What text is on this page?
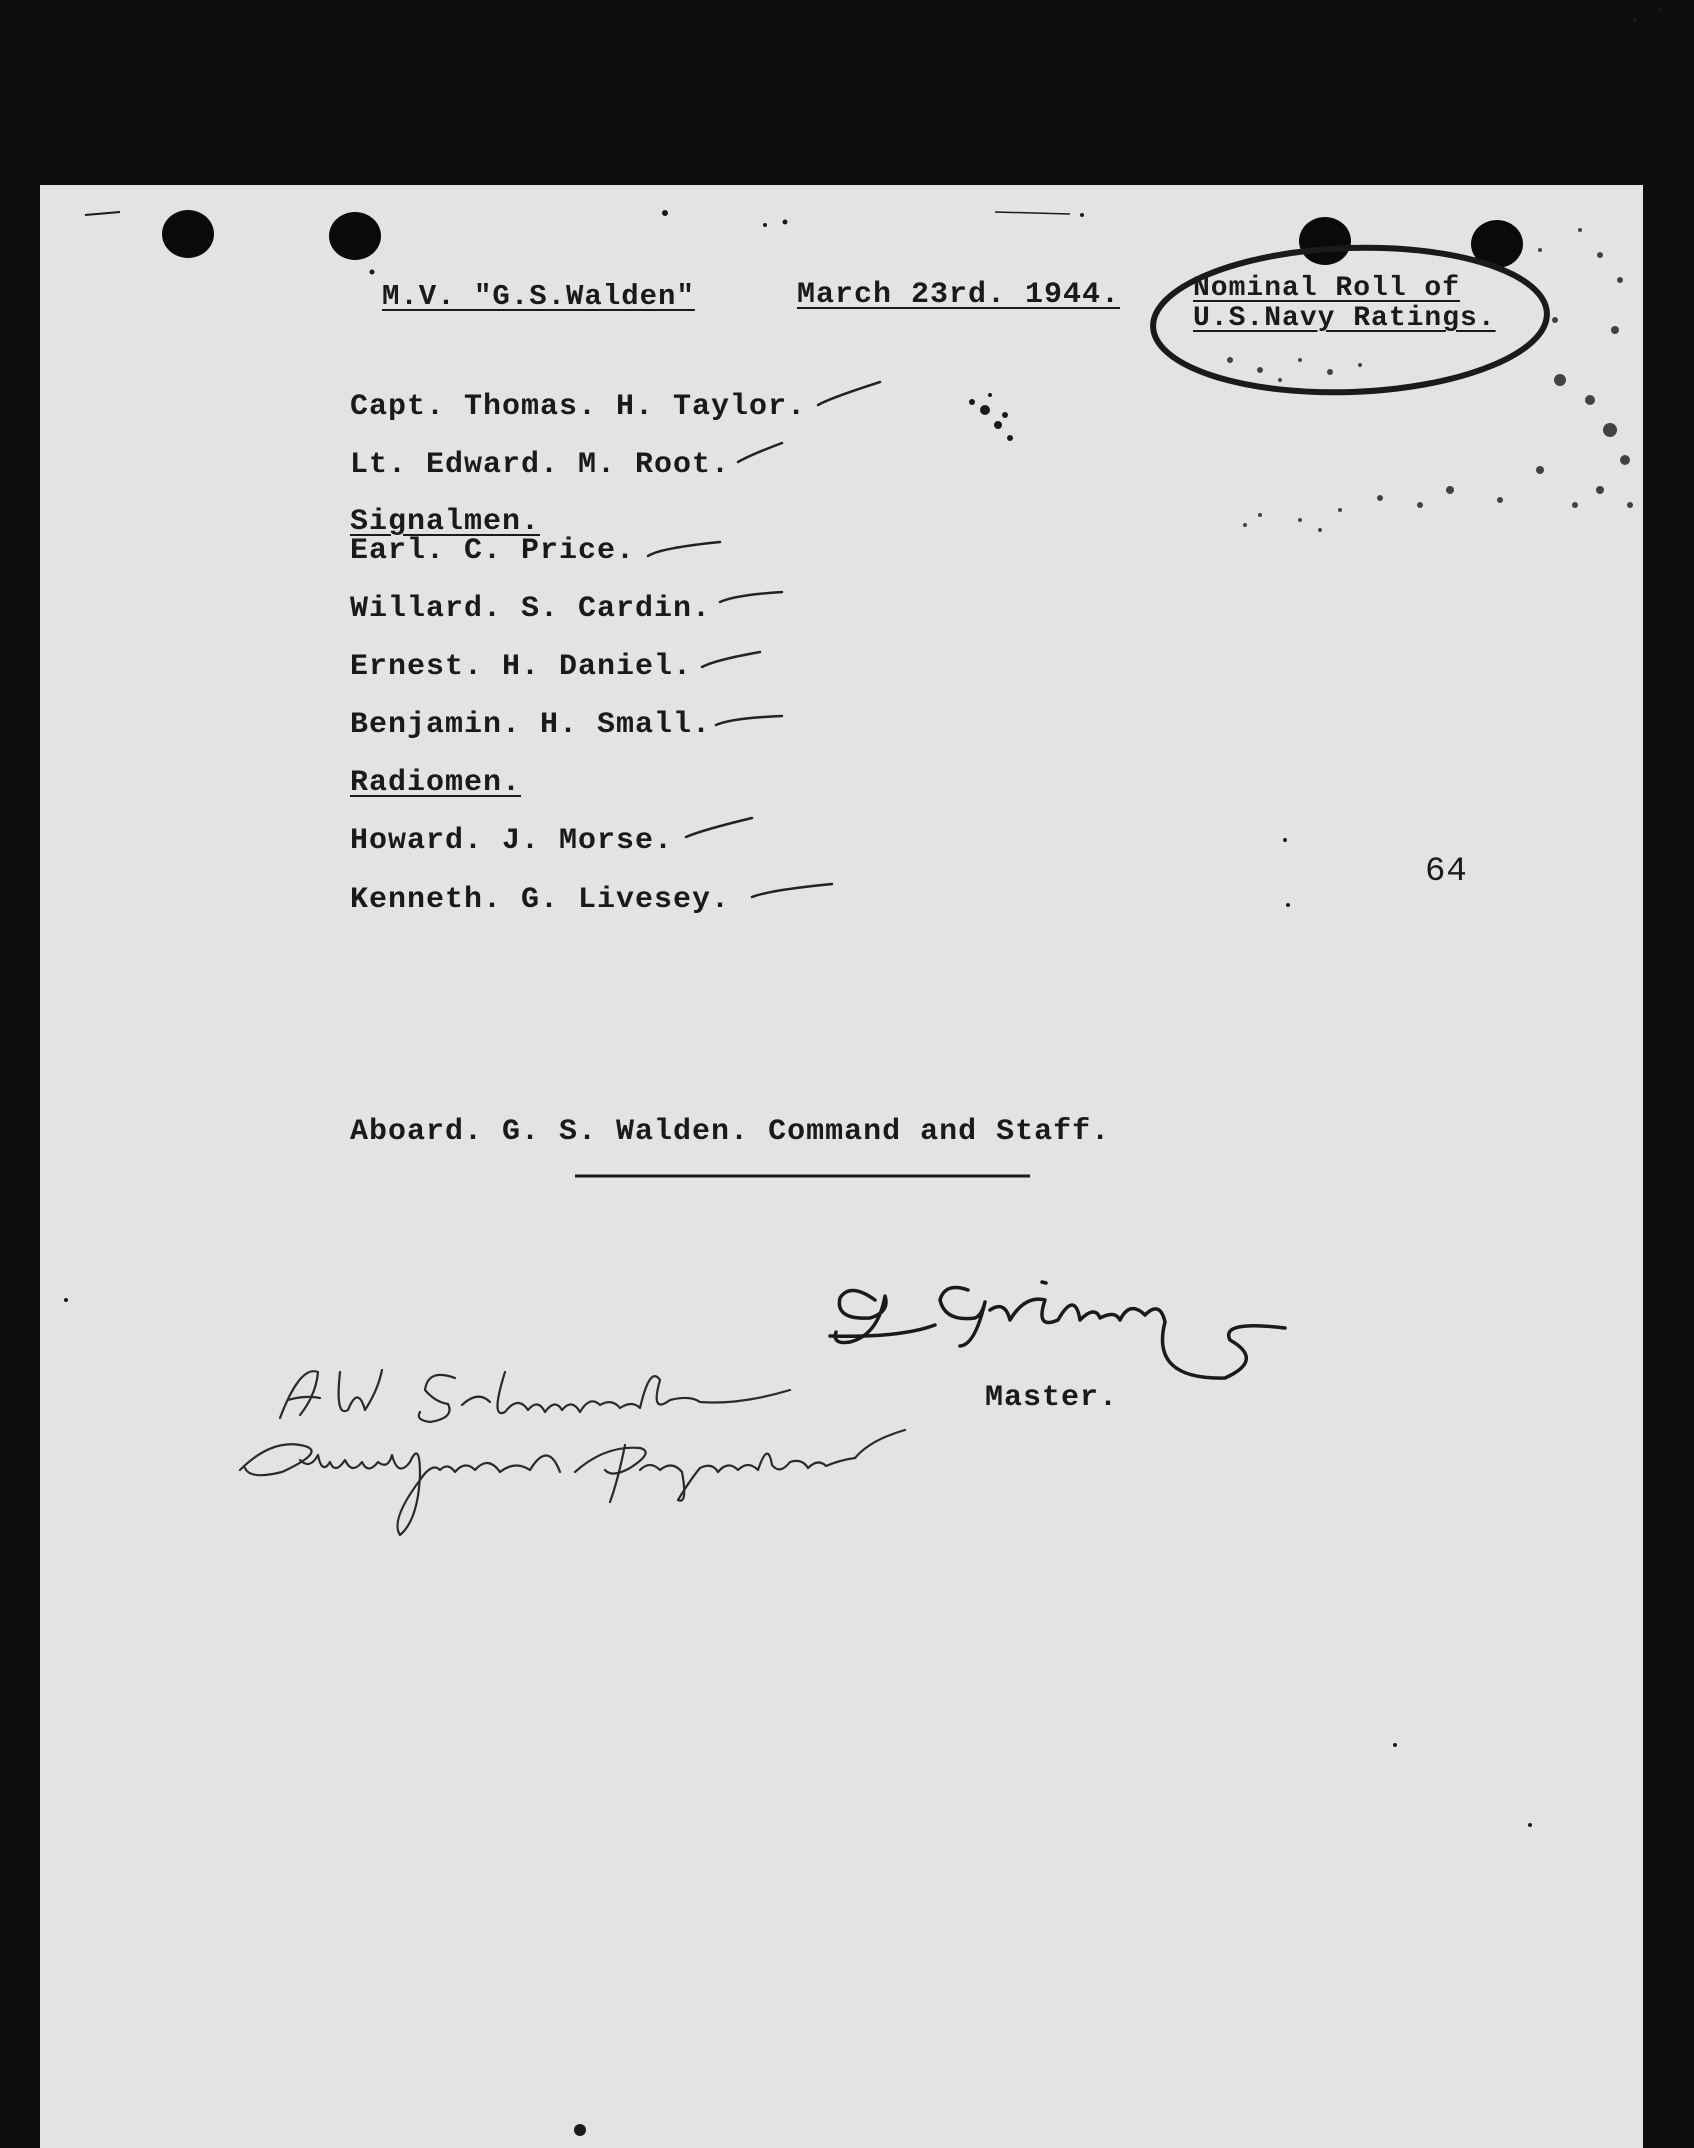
M.V. "G.S.Walden"	March 23rd. 1944.	Nominal Roll of
U.S.Navy Ratings.
Capt. Thomas. H. Taylor.
Lt. Edward. M. Root.
Signalmen.
Earl. C. Price.
Willard. S. Cardin.
Ernest. H. Daniel.
Benjamin. H. Small.
Radiomen.
Howard. J. Morse.
Kenneth. G. Livesey.
64
Aboard. G. S. Walden. Command and Staff.
Master.
